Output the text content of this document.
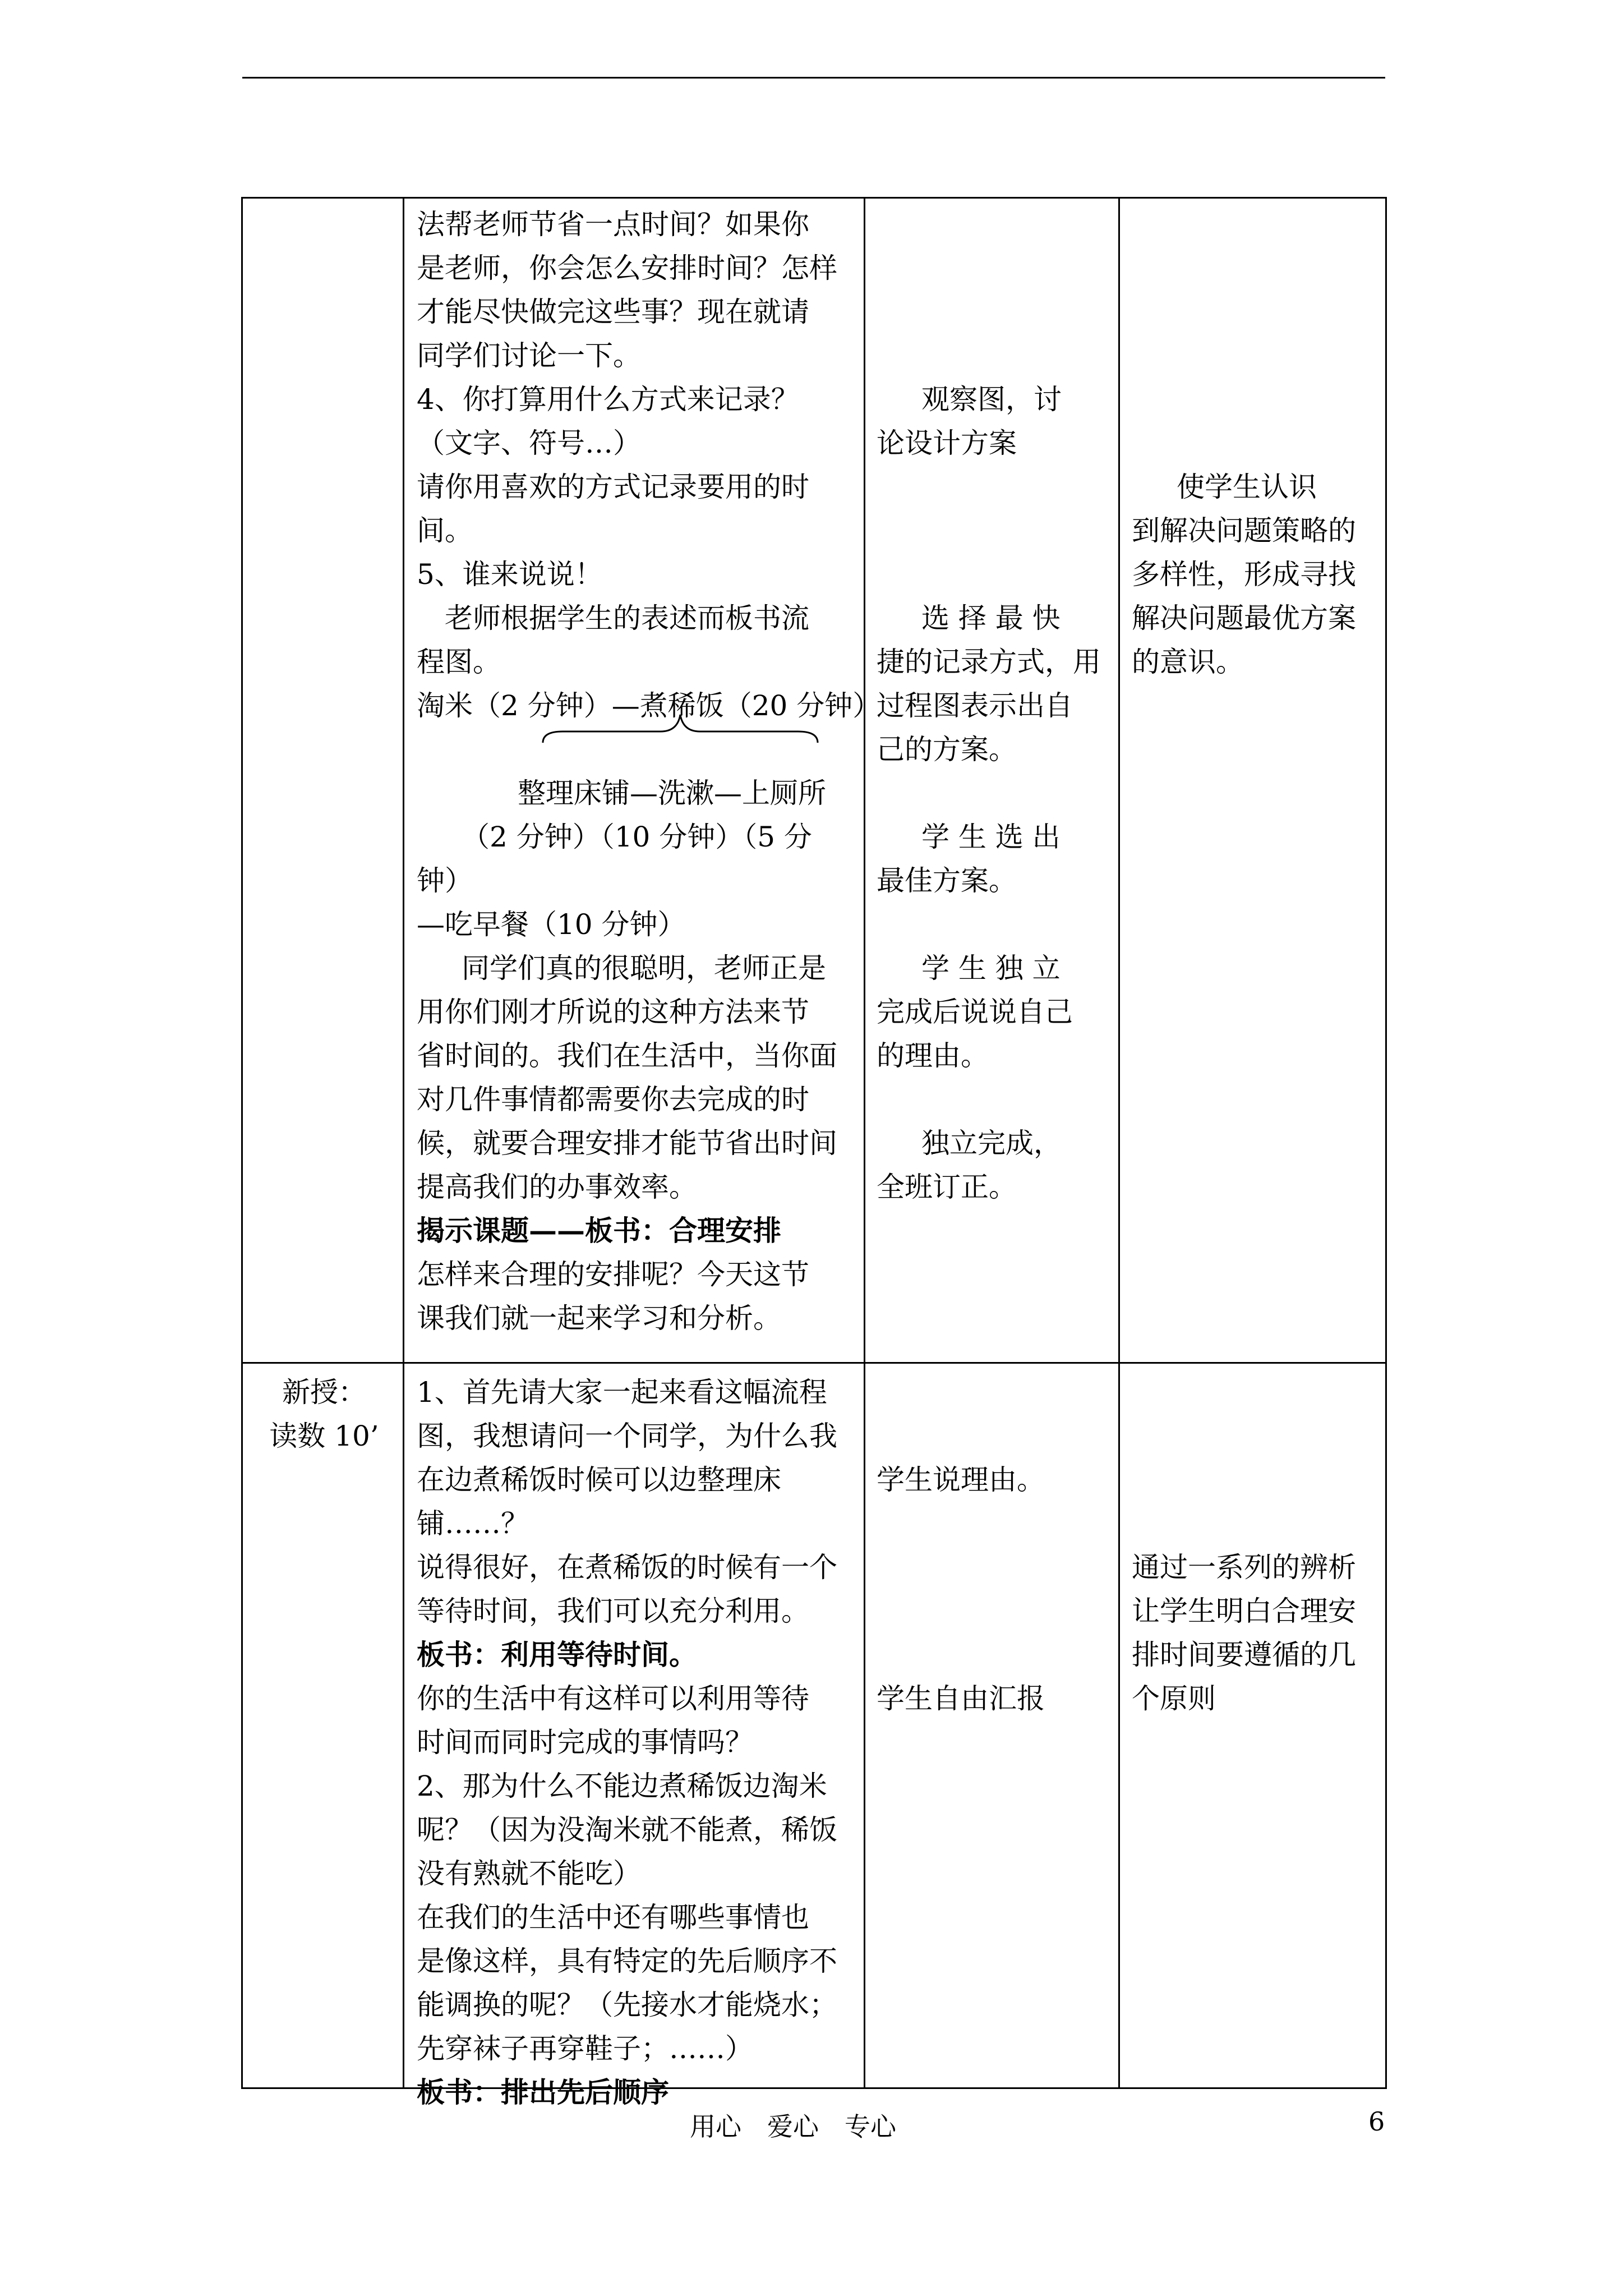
法帮老师节省一点时间？如果你
是老师，你会怎么安排时间？怎样
才能尽快做完这些事？现在就请
同学们讨论一下。
4、你打算用什么方式来记录？
（文字、符号…）
请你用喜欢的方式记录要用的时
间。
5、谁来说说！
老师根据学生的表述而板书流
程图。
淘米（2 分钟）—煮稀饭（20 分钟）
整理床铺—洗漱—上厕所
（2 分钟）（10 分钟）（5 分
钟）
—吃早餐（10 分钟）
同学们真的很聪明，老师正是
用你们刚才所说的这种方法来节
省时间的。我们在生活中，当你面
对几件事情都需要你去完成的时
候，就要合理安排才能节省出时间
提高我们的办事效率。
揭示课题——板书：合理安排
怎样来合理的安排呢？今天这节
课我们就一起来学习和分析。
观察图，讨
论设计方案
选 择 最 快
捷的记录方式，用
过程图表示出自
己的方案。
学 生 选 出
最佳方案。
学 生 独 立
完成后说说自己
的理由。
独立完成，
全班订正。
使学生认识
到解决问题策略的
多样性，形成寻找
解决问题最优方案
的意识。
新授：
读数 10’
1、首先请大家一起来看这幅流程
图，我想请问一个同学，为什么我
在边煮稀饭时候可以边整理床
铺……？
说得很好，在煮稀饭的时候有一个
等待时间，我们可以充分利用。
板书：利用等待时间。
你的生活中有这样可以利用等待
时间而同时完成的事情吗？
2、那为什么不能边煮稀饭边淘米
呢？（因为没淘米就不能煮，稀饭
没有熟就不能吃）
在我们的生活中还有哪些事情也
是像这样，具有特定的先后顺序不
能调换的呢？（先接水才能烧水；
先穿袜子再穿鞋子；……）
板书：排出先后顺序
学生说理由。
学生自由汇报
通过一系列的辨析
让学生明白合理安
排时间要遵循的几
个原则
用心　爱心　专心	6
